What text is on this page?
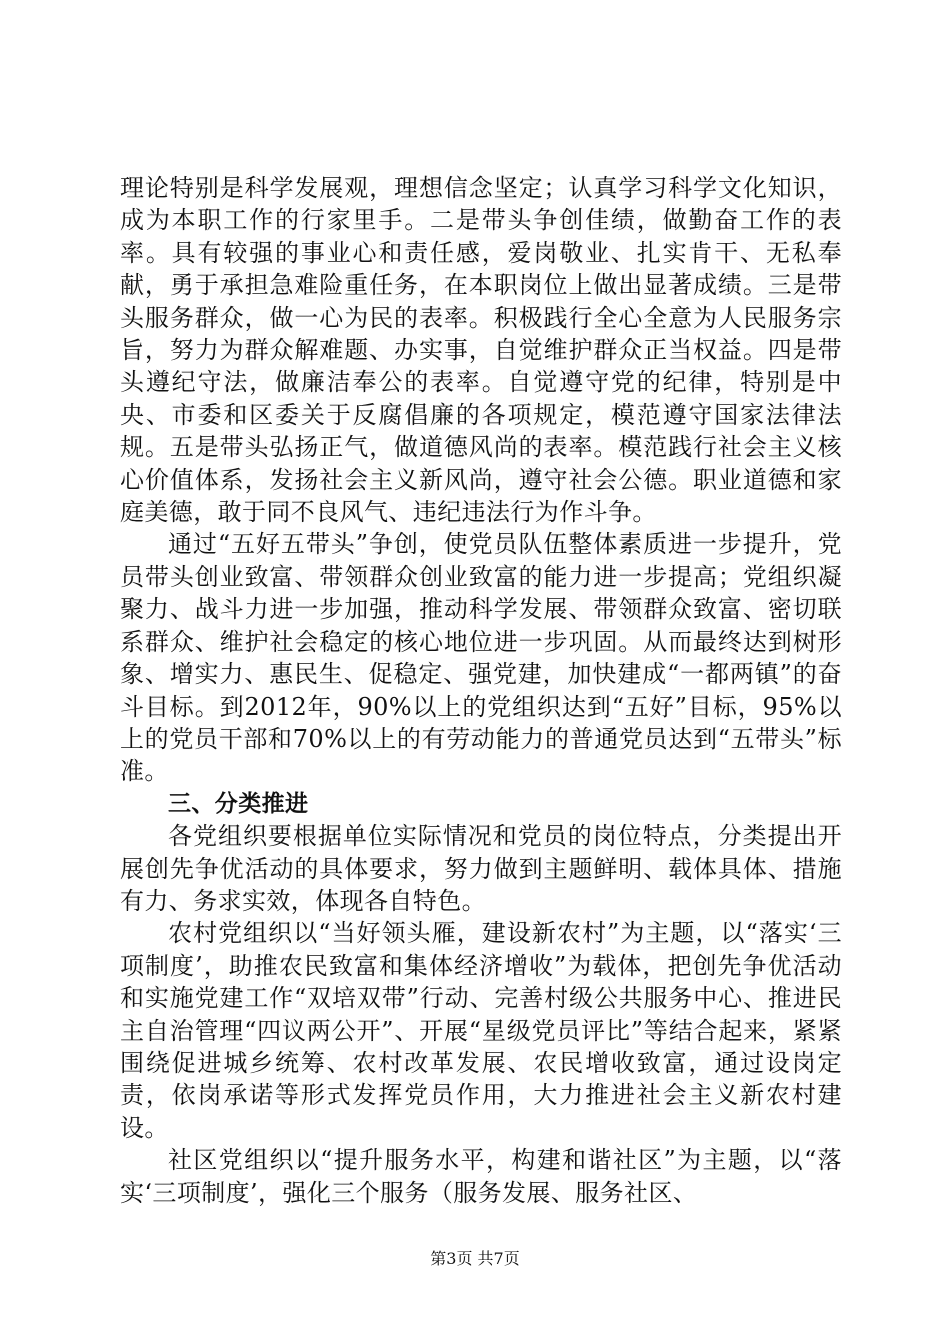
理论特别是科学发展观，理想信念坚定；认真学习科学文化知识，成为本职工作的行家里手。二是带头争创佳绩，做勤奋工作的表率。具有较强的事业心和责任感，爱岗敬业、扎实肯干、无私奉献，勇于承担急难险重任务，在本职岗位上做出显著成绩。三是带头服务群众，做一心为民的表率。积极践行全心全意为人民服务宗旨，努力为群众解难题、办实事，自觉维护群众正当权益。四是带头遵纪守法，做廉洁奉公的表率。自觉遵守党的纪律，特别是中央、市委和区委关于反腐倡廉的各项规定，模范遵守国家法律法规。五是带头弘扬正气，做道德风尚的表率。模范践行社会主义核心价值体系，发扬社会主义新风尚，遵守社会公德。职业道德和家庭美德，敢于同不良风气、违纪违法行为作斗争。

通过“五好五带头”争创，使党员队伍整体素质进一步提升，党员带头创业致富、带领群众创业致富的能力进一步提高；党组织凝聚力、战斗力进一步加强，推动科学发展、带领群众致富、密切联系群众、维护社会稳定的核心地位进一步巩固。从而最终达到树形象、增实力、惠民生、促稳定、强党建，加快建成“一都两镇”的奋斗目标。到2012年，90%以上的党组织达到“五好”目标，95%以上的党员干部和70%以上的有劳动能力的普通党员达到“五带头”标准。

三、分类推进

各党组织要根据单位实际情况和党员的岗位特点，分类提出开展创先争优活动的具体要求，努力做到主题鲜明、载体具体、措施有力、务求实效，体现各自特色。

农村党组织以“当好领头雁，建设新农村”为主题，以“落实‘三项制度’，助推农民致富和集体经济增收”为载体，把创先争优活动和实施党建工作“双培双带”行动、完善村级公共服务中心、推进民主自治管理“四议两公开”、开展“星级党员评比”等结合起来，紧紧围绕促进城乡统筹、农村改革发展、农民增收致富，通过设岗定责，依岗承诺等形式发挥党员作用，大力推进社会主义新农村建设。

社区党组织以“提升服务水平，构建和谐社区”为主题，以“落实‘三项制度’，强化三个服务（服务发展、服务社区、

第3页 共7页
